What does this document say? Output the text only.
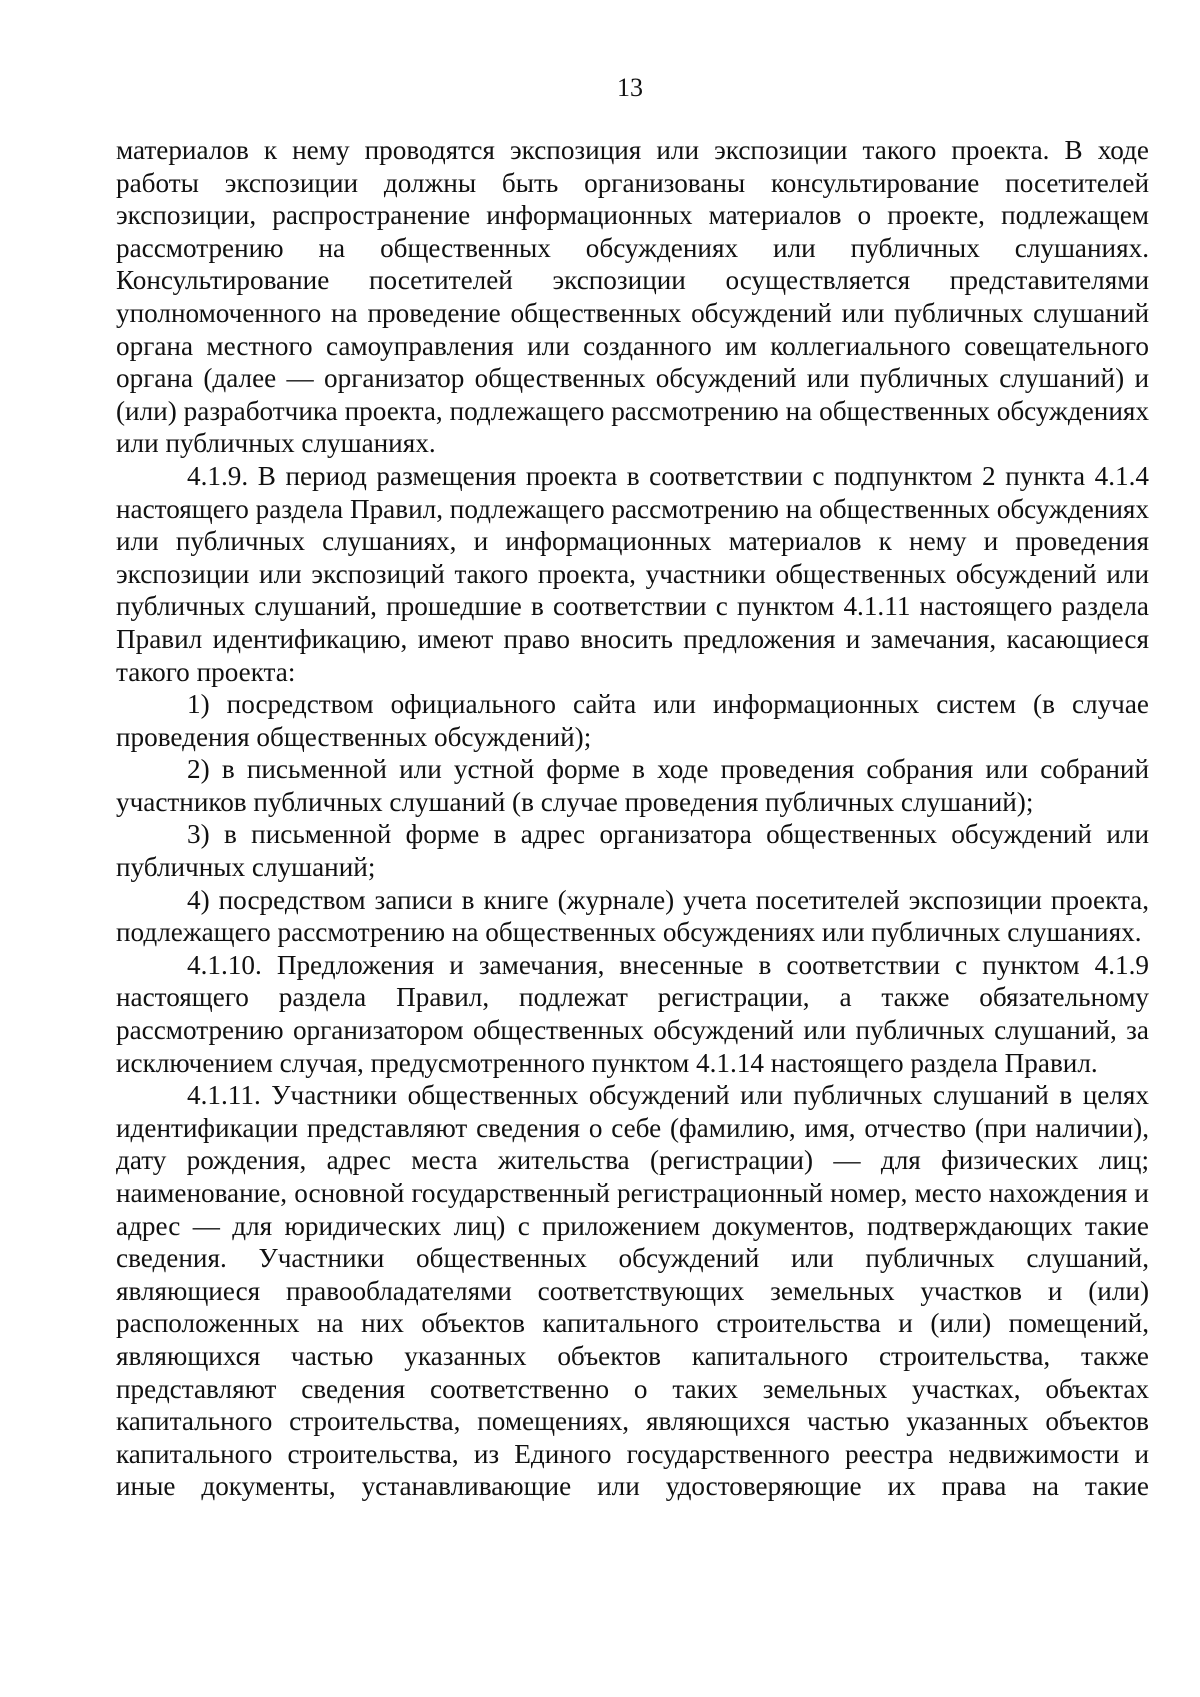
13

материалов к нему проводятся экспозиция или экспозиции такого проекта. В ходе работы экспозиции должны быть организованы консультирование посетителей экспозиции, распространение информационных материалов о проекте, подлежащем рассмотрению на общественных обсуждениях или публичных слушаниях. Консультирование посетителей экспозиции осуществляется представителями уполномоченного на проведение общественных обсуждений или публичных слушаний органа местного самоуправления или созданного им коллегиального совещательного органа (далее — организатор общественных обсуждений или публичных слушаний) и (или) разработчика проекта, подлежащего рассмотрению на общественных обсуждениях или публичных слушаниях.

4.1.9. В период размещения проекта в соответствии с подпунктом 2 пункта 4.1.4 настоящего раздела Правил, подлежащего рассмотрению на общественных обсуждениях или публичных слушаниях, и информационных материалов к нему и проведения экспозиции или экспозиций такого проекта, участники общественных обсуждений или публичных слушаний, прошедшие в соответствии с пунктом 4.1.11 настоящего раздела Правил идентификацию, имеют право вносить предложения и замечания, касающиеся такого проекта:

1) посредством официального сайта или информационных систем (в случае проведения общественных обсуждений);

2) в письменной или устной форме в ходе проведения собрания или собраний участников публичных слушаний (в случае проведения публичных слушаний);

3) в письменной форме в адрес организатора общественных обсуждений или публичных слушаний;

4) посредством записи в книге (журнале) учета посетителей экспозиции проекта, подлежащего рассмотрению на общественных обсуждениях или публичных слушаниях.

4.1.10. Предложения и замечания, внесенные в соответствии с пунктом 4.1.9 настоящего раздела Правил, подлежат регистрации, а также обязательному рассмотрению организатором общественных обсуждений или публичных слушаний, за исключением случая, предусмотренного пунктом 4.1.14 настоящего раздела Правил.

4.1.11. Участники общественных обсуждений или публичных слушаний в целях идентификации представляют сведения о себе (фамилию, имя, отчество (при наличии), дату рождения, адрес места жительства (регистрации) — для физических лиц; наименование, основной государственный регистрационный номер, место нахождения и адрес — для юридических лиц) с приложением документов, подтверждающих такие сведения. Участники общественных обсуждений или публичных слушаний, являющиеся правообладателями соответствующих земельных участков и (или) расположенных на них объектов капитального строительства и (или) помещений, являющихся частью указанных объектов капитального строительства, также представляют сведения соответственно о таких земельных участках, объектах капитального строительства, помещениях, являющихся частью указанных объектов капитального строительства, из Единого государственного реестра недвижимости и иные документы, устанавливающие или удостоверяющие их права на такие
